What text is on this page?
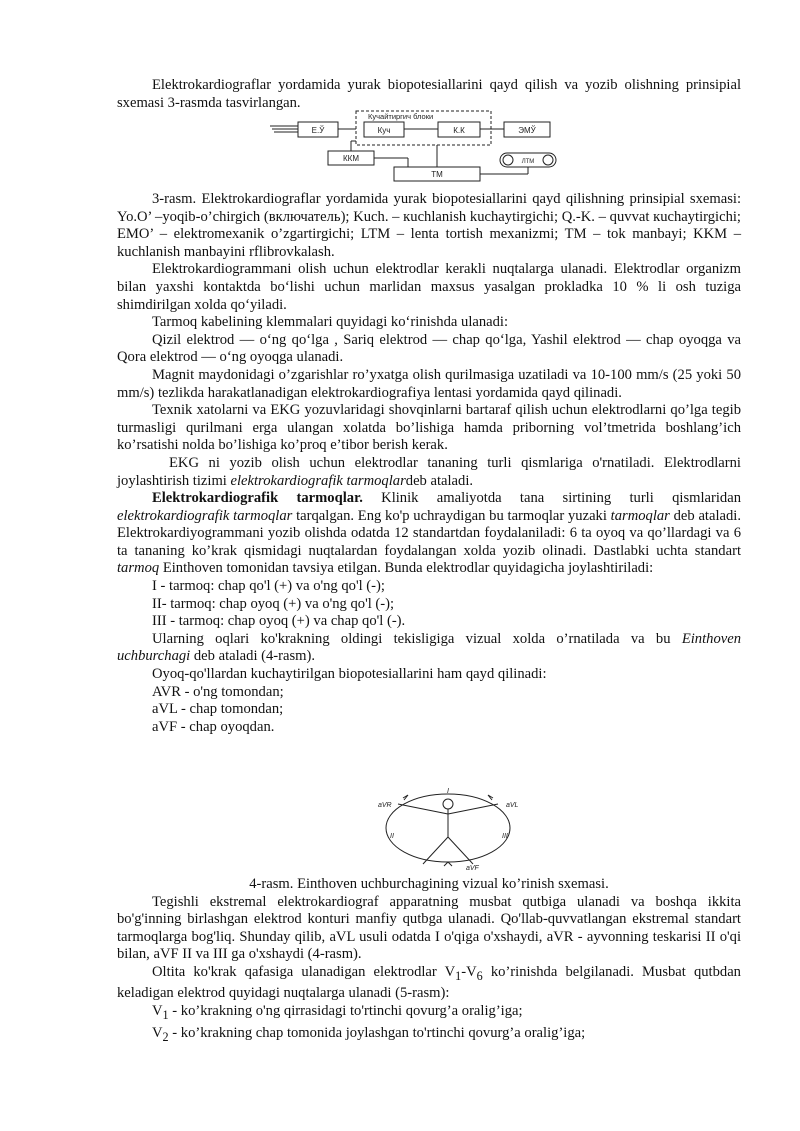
Elektrokardiograflar yordamida yurak biopotesiallarini qayd qilish va yozib olishning prinsipial sxemasi 3-rasmda tasvirlangan.

Кучайтиргич блоки
Е.Ў	Куч	К.К	ЭМЎ
ККМ
ТМ
ЛТМ

3-rasm. Elektrokardiograflar yordamida yurak biopotesiallarini qayd qilishning prinsipial sxemasi: Yo.O’ –yoqib-o’chirgich (включатель); Kuch. – кuchlanish kuchaytirgichi; Q.-K. – quvvat кuchaytirgichi; EMO’ – elektromexanik o’zgartirgichi; LTM – lenta tortish mexanizmi; TM – tok manbayi; KKM – kuchlanish manbayini rflibrovkalash.

Elektrokardiogrammani olish uchun elektrodlar kerakli nuqtalarga ulanadi. Elektrodlar organizm bilan yaxshi kontaktda bo‘lishi uchun marlidan maxsus yasalgan prokladka 10 % li osh tuziga shimdirilgan xolda qo‘yiladi.

Tarmoq kabelining klemmalari quyidagi ko‘rinishda ulanadi:

Qizil elektrod — o‘ng qo‘lga , Sariq elektrod — chap qo‘lga, Yashil elektrod — chap oyoqga va Qora elektrod — o‘ng oyoqga ulanadi.

Magnit maydonidagi o’zgarishlar ro’yxatga olish qurilmasiga uzatiladi va 10-100 mm/s (25 yoki 50 mm/s) tezlikda harakatlanadigan elektrokardiografiya lentasi yordamida qayd qilinadi.

Texnik xatolarni va EKG yozuvlaridagi shovqinlarni bartaraf qilish uchun elektrodlarni qo’lga tegib turmasligi qurilmani erga ulangan xolatda bo’lishiga hamda priborning vol’tmetrida boshlang’ich ko’rsatishi nolda bo’lishiga ko’proq e’tibor berish kerak.

EKG ni yozib olish uchun elektrodlar tananing turli qismlariga o'rnatiladi. Elektrodlarni joylashtirish tizimi elektrokardiografik tarmoqlardeb ataladi.

Elektrokardiografik tarmoqlar. Klinik amaliyotda tana sirtining turli qismlaridan elektrokardiografik tarmoqlar tarqalgan. Eng ko'p uchraydigan bu tarmoqlar yuzaki tarmoqlar deb ataladi. Elektrokardiyogrammani yozib olishda odatda 12 standartdan foydalaniladi: 6 ta oyoq va qo’llardagi va 6 ta tananing ko’krak qismidagi nuqtalardan foydalangan xolda yozib olinadi. Dastlabki uchta standart tarmoq Einthoven tomonidan tavsiya etilgan. Bunda elektrodlar quyidagicha joylashtiriladi:

I - tarmoq: chap qo'l (+) va o'ng qo'l (-);

II- tarmoq: chap oyoq (+) va o'ng qo'l (-);

III - tarmoq: chap oyoq (+) va chap qo'l (-).

Ularning oqlari ko'krakning oldingi tekisligiga vizual xolda o’rnatilada va bu Einthoven uchburchagi deb ataladi (4-rasm).

Oyoq-qo'llardan kuchaytirilgan biopotesiallarini ham qayd qilinadi:

AVR - o'ng tomondan;

aVL - chap tomondan;

aVF - chap oyoqdan.

I
aVR	aVL
II	III
aVF

4-rasm. Einthoven uchburchagining vizual ko’rinish sxemasi.

Tegishli ekstremal elektrokardiograf apparatning musbat qutbiga ulanadi va boshqa ikkita bo'g'inning birlashgan elektrod konturi manfiy qutbga ulanadi. Qo'llab-quvvatlangan ekstremal standart tarmoqlarga bog'liq. Shunday qilib, aVL usuli odatda I o'qiga o'xshaydi, aVR - ayvonning teskarisi II o'qi bilan, aVF II va III ga o'xshaydi (4-rasm).

Oltita ko'krak qafasiga ulanadigan elektrodlar $V_1-V_6$ ko’rinishda belgilanadi. Musbat qutbdan keladigan elektrod quyidagi nuqtalarga ulanadi (5-rasm):

$V_1$ - ko’krakning o'ng qirrasidagi to'rtinchi qovurg’a oralig’iga;

$V_2$ - ko’krakning chap tomonida joylashgan to'rtinchi qovurg’a oralig’iga;
